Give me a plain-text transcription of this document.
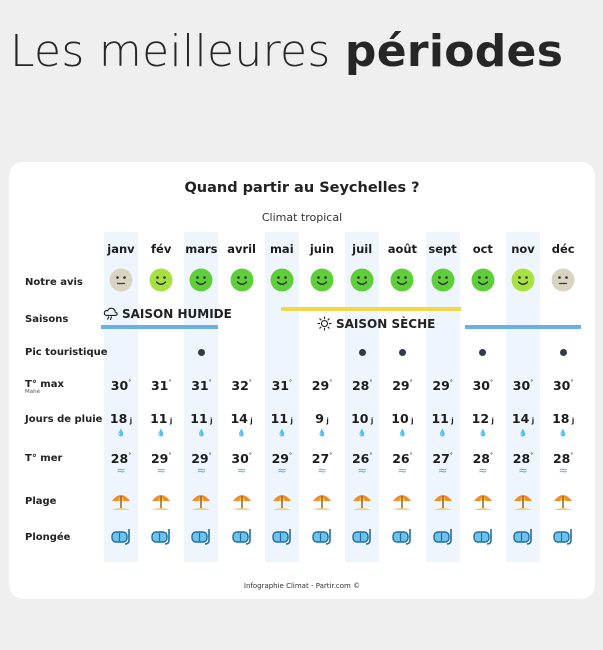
Les meilleures périodes
Quand partir au Seychelles ?
Climat tropical
Notre avis
Saisons
Pic touristique
T° max
Mahé
Jours de pluie
T° mer
Plage
Plongée
SAISON HUMIDE
SAISON SÈCHE
Infographie Climat - Partir.com ©
janv
30°
18 j
💧
28°
≈
fév
31°
11 j
💧
29°
≈
mars
31°
11 j
💧
29°
≈
avril
32°
14 j
💧
30°
≈
mai
31°
11 j
💧
29°
≈
juin
29°
9 j
💧
27°
≈
juil
28°
10 j
💧
26°
≈
août
29°
10 j
💧
26°
≈
sept
29°
11 j
💧
27°
≈
oct
30°
12 j
💧
28°
≈
nov
30°
14 j
💧
28°
≈
déc
30°
18 j
💧
28°
≈
